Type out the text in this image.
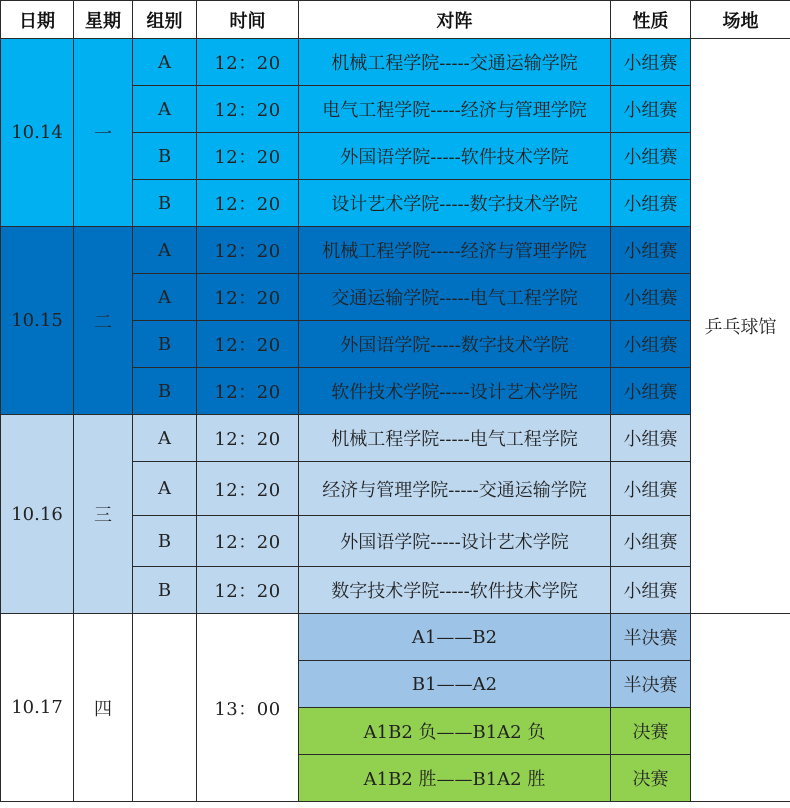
日期	星期	组别	时间	对阵	性质	场地
10.14	一	A	12：20	机械工程学院-----交通运输学院	小组赛	乒乓球馆
		A	12：20	电气工程学院-----经济与管理学院	小组赛	
		B	12：20	外国语学院-----软件技术学院	小组赛	
		B	12：20	设计艺术学院-----数字技术学院	小组赛	
10.15	二	A	12：20	机械工程学院-----经济与管理学院	小组赛	
		A	12：20	交通运输学院-----电气工程学院	小组赛	
		B	12：20	外国语学院-----数字技术学院	小组赛	
		B	12：20	软件技术学院-----设计艺术学院	小组赛	
10.16	三	A	12：20	机械工程学院-----电气工程学院	小组赛	
		A	12：20	经济与管理学院-----交通运输学院	小组赛	
		B	12：20	外国语学院-----设计艺术学院	小组赛	
		B	12：20	数字技术学院-----软件技术学院	小组赛	
10.17	四		13：00	A1——B2	半决赛	
				B1——A2	半决赛	
				A1B2 负——B1A2 负	决赛	
				A1B2 胜——B1A2 胜	决赛	
